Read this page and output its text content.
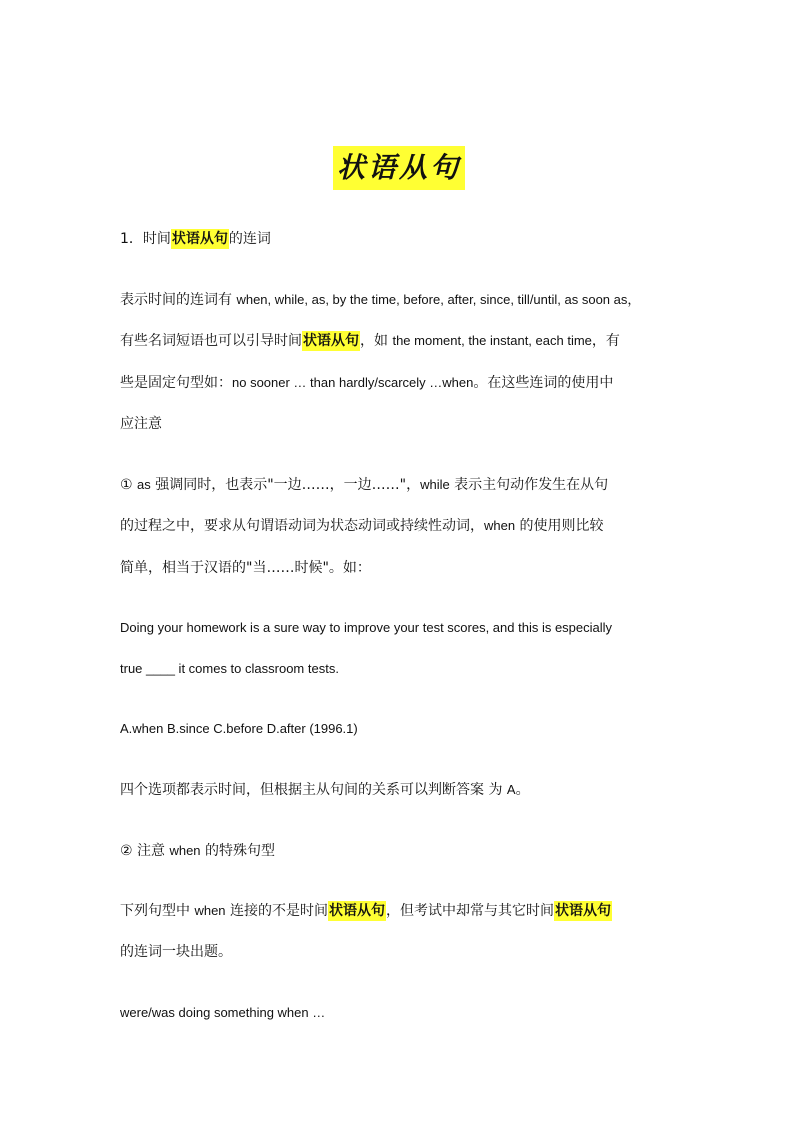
状语从句
1．时间状语从句的连词
表示时间的连词有 when, while, as, by the time, before, after, since, till/until, as soon as，
有些名词短语也可以引导时间状语从句，如 the moment, the instant, each time，有
些是固定句型如：no sooner … than hardly/scarcely …when。在这些连词的使用中
应注意
① as 强调同时，也表示"一边……，一边……"，while 表示主句动作发生在从句
的过程之中，要求从句谓语动词为状态动词或持续性动词，when 的使用则比较
简单，相当于汉语的"当……时候"。如：
Doing your homework is a sure way to improve your test scores, and this is especially
true ____ it comes to classroom tests.
A.when B.since C.before D.after (1996.1)
四个选项都表示时间，但根据主从句间的关系可以判断答案 为 A。
② 注意 when 的特殊句型
下列句型中 when 连接的不是时间状语从句，但考试中却常与其它时间状语从句
的连词一块出题。
were/was doing something when …
